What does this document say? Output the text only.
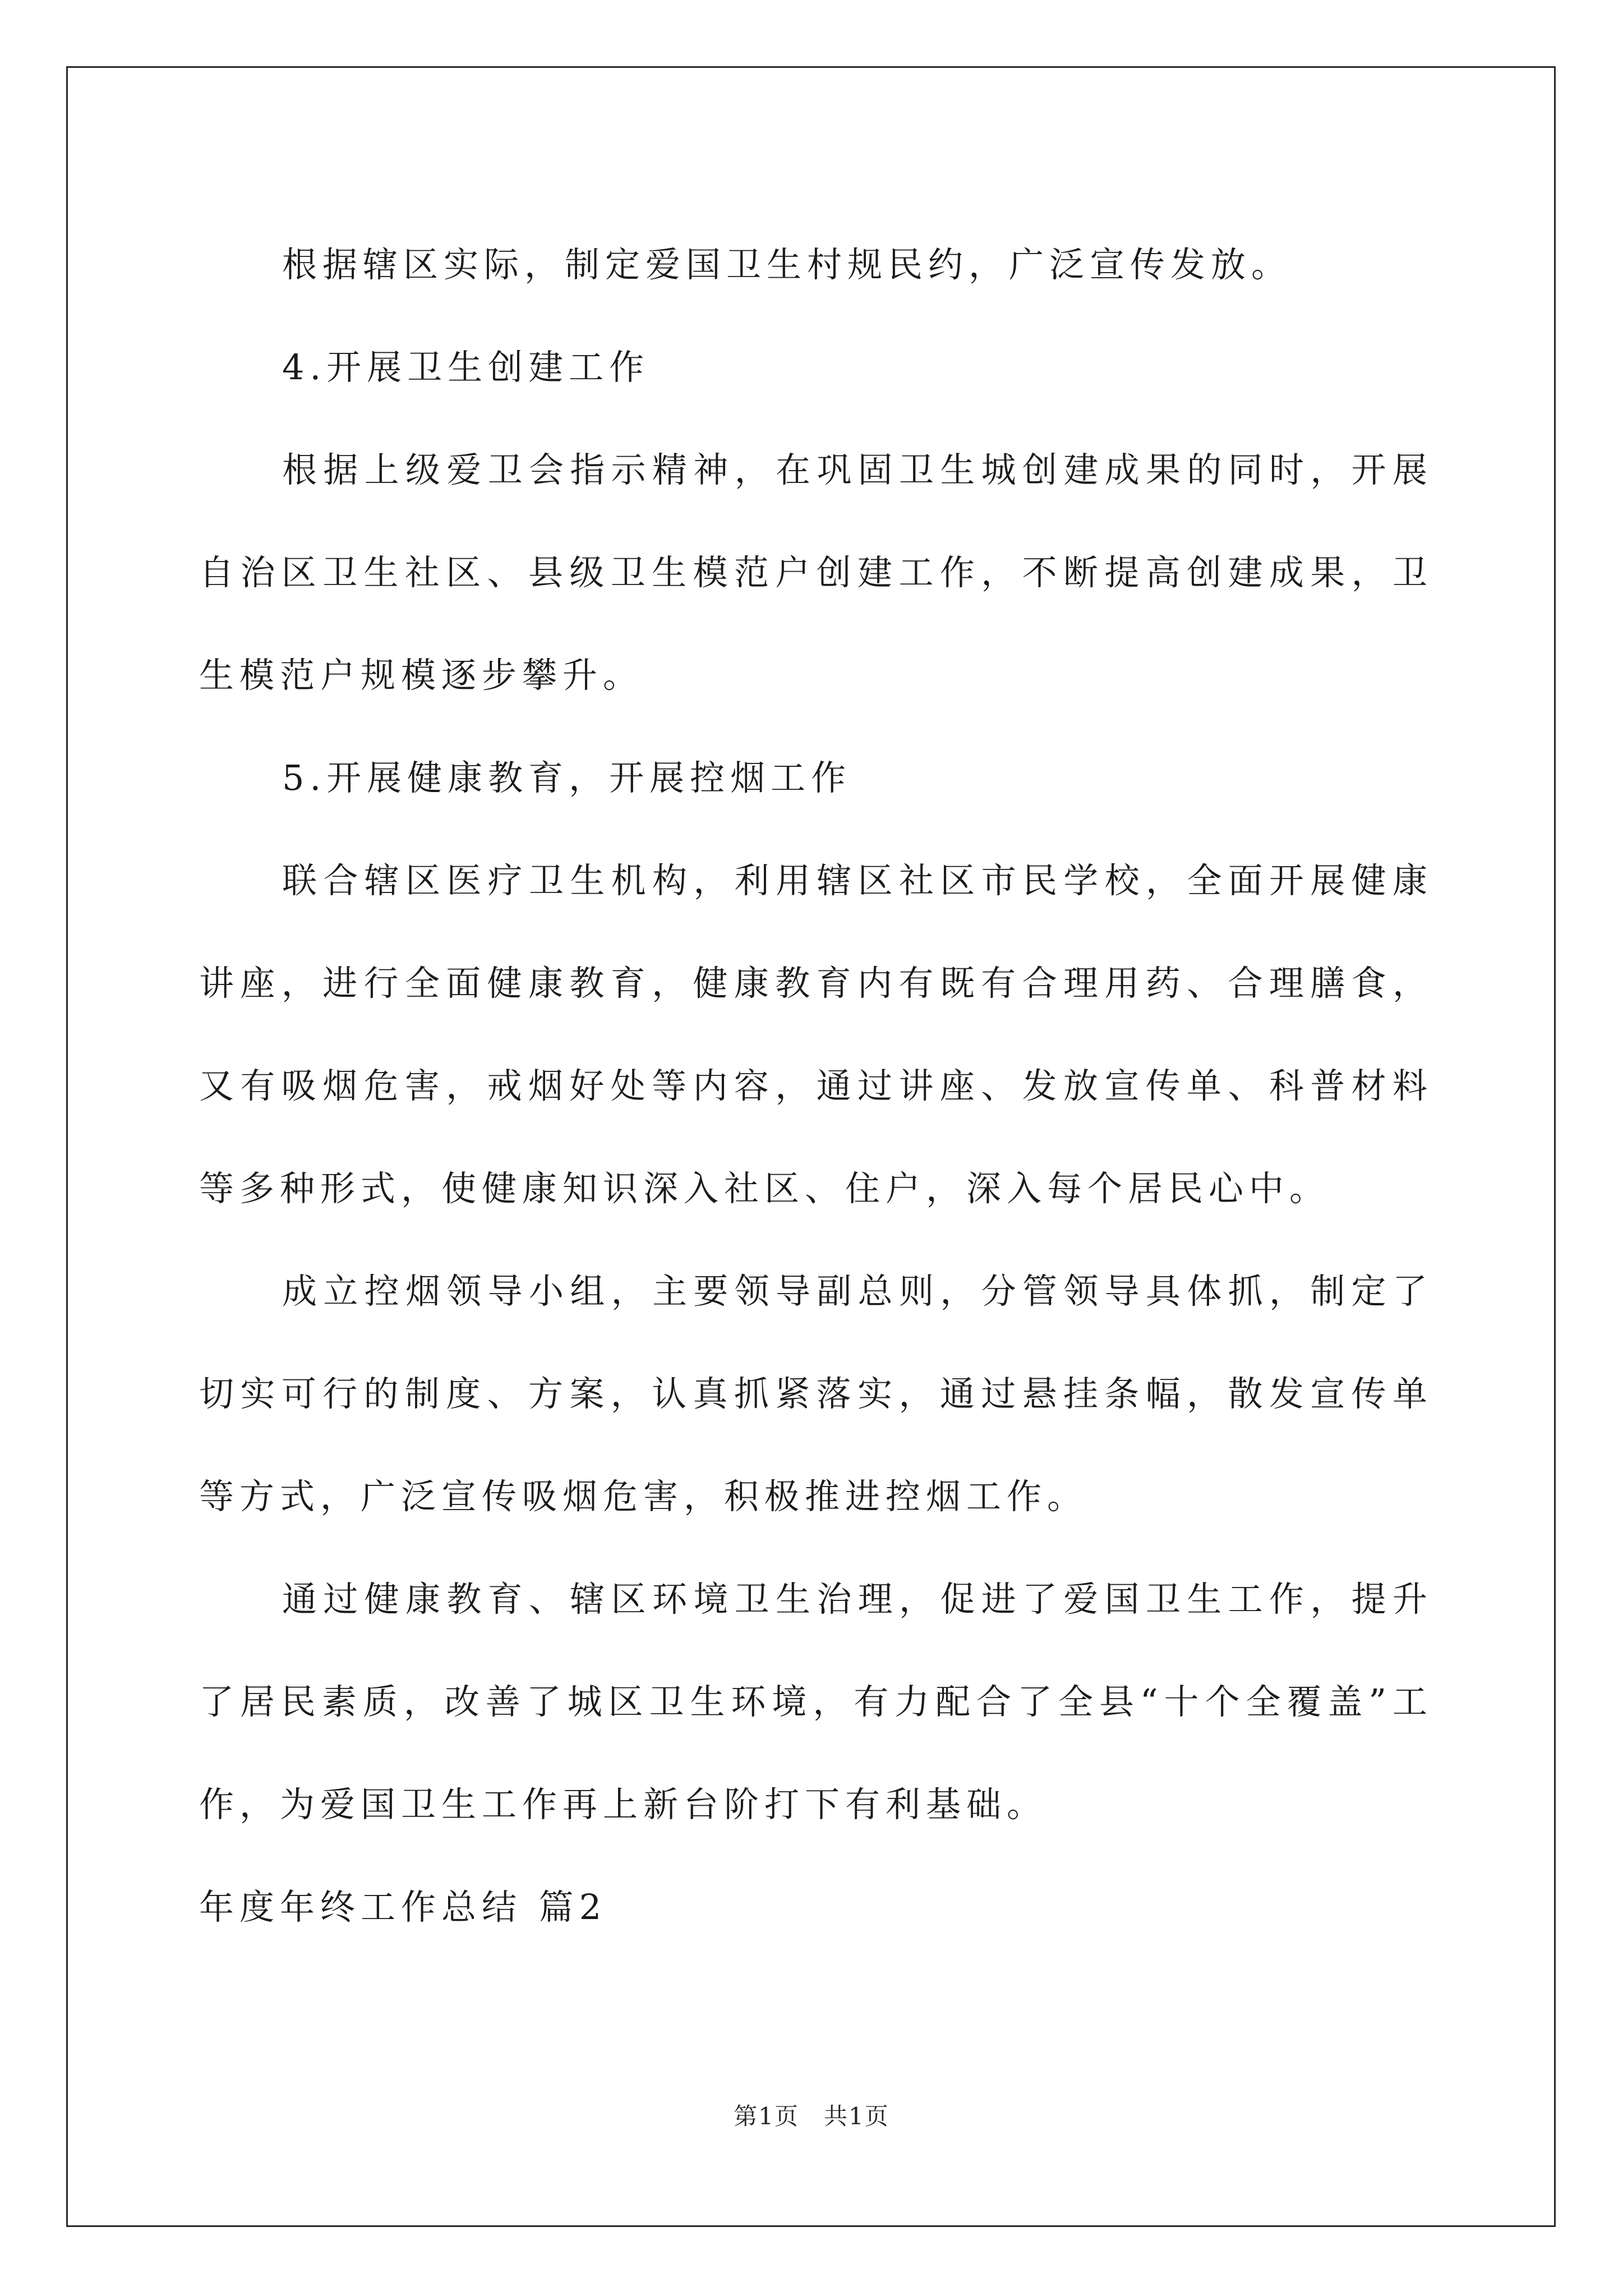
根据辖区实际，制定爱国卫生村规民约，广泛宣传发放。

4.开展卫生创建工作

根据上级爱卫会指示精神，在巩固卫生城创建成果的同时，开展自治区卫生社区、县级卫生模范户创建工作，不断提高创建成果，卫生模范户规模逐步攀升。

5.开展健康教育，开展控烟工作

联合辖区医疗卫生机构，利用辖区社区市民学校，全面开展健康讲座，进行全面健康教育，健康教育内有既有合理用药、合理膳食，又有吸烟危害，戒烟好处等内容，通过讲座、发放宣传单、科普材料等多种形式，使健康知识深入社区、住户，深入每个居民心中。

成立控烟领导小组，主要领导副总则，分管领导具体抓，制定了切实可行的制度、方案，认真抓紧落实，通过悬挂条幅，散发宣传单等方式，广泛宣传吸烟危害，积极推进控烟工作。

通过健康教育、辖区环境卫生治理，促进了爱国卫生工作，提升了居民素质，改善了城区卫生环境，有力配合了全县“十个全覆盖”工作，为爱国卫生工作再上新台阶打下有利基础。

年度年终工作总结 篇2

第1页　共1页
